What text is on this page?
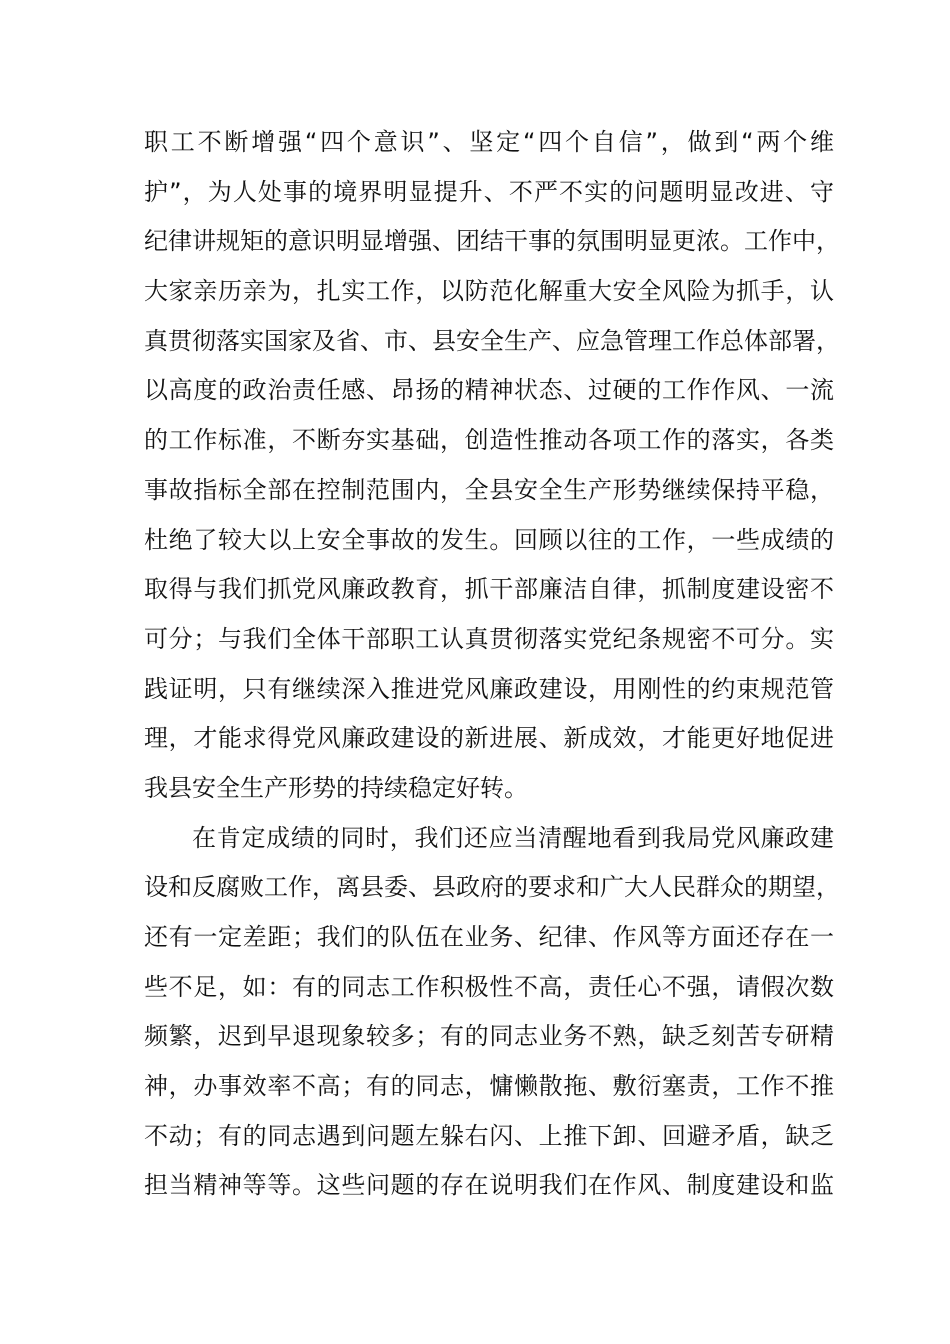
职工不断增强“四个意识”、坚定“四个自信”，做到“两个维
护”，为人处事的境界明显提升、不严不实的问题明显改进、守
纪律讲规矩的意识明显增强、团结干事的氛围明显更浓。工作中，
大家亲历亲为，扎实工作，以防范化解重大安全风险为抓手，认
真贯彻落实国家及省、市、县安全生产、应急管理工作总体部署，
以高度的政治责任感、昂扬的精神状态、过硬的工作作风、一流
的工作标准，不断夯实基础，创造性推动各项工作的落实，各类
事故指标全部在控制范围内，全县安全生产形势继续保持平稳，
杜绝了较大以上安全事故的发生。回顾以往的工作，一些成绩的
取得与我们抓党风廉政教育，抓干部廉洁自律，抓制度建设密不
可分；与我们全体干部职工认真贯彻落实党纪条规密不可分。实
践证明，只有继续深入推进党风廉政建设，用刚性的约束规范管
理，才能求得党风廉政建设的新进展、新成效，才能更好地促进
我县安全生产形势的持续稳定好转。
在肯定成绩的同时，我们还应当清醒地看到我局党风廉政建
设和反腐败工作，离县委、县政府的要求和广大人民群众的期望，
还有一定差距；我们的队伍在业务、纪律、作风等方面还存在一
些不足，如：有的同志工作积极性不高，责任心不强，请假次数
频繁，迟到早退现象较多；有的同志业务不熟，缺乏刻苦专研精
神，办事效率不高；有的同志，慵懒散拖、敷衍塞责，工作不推
不动；有的同志遇到问题左躲右闪、上推下卸、回避矛盾，缺乏
担当精神等等。这些问题的存在说明我们在作风、制度建设和监
